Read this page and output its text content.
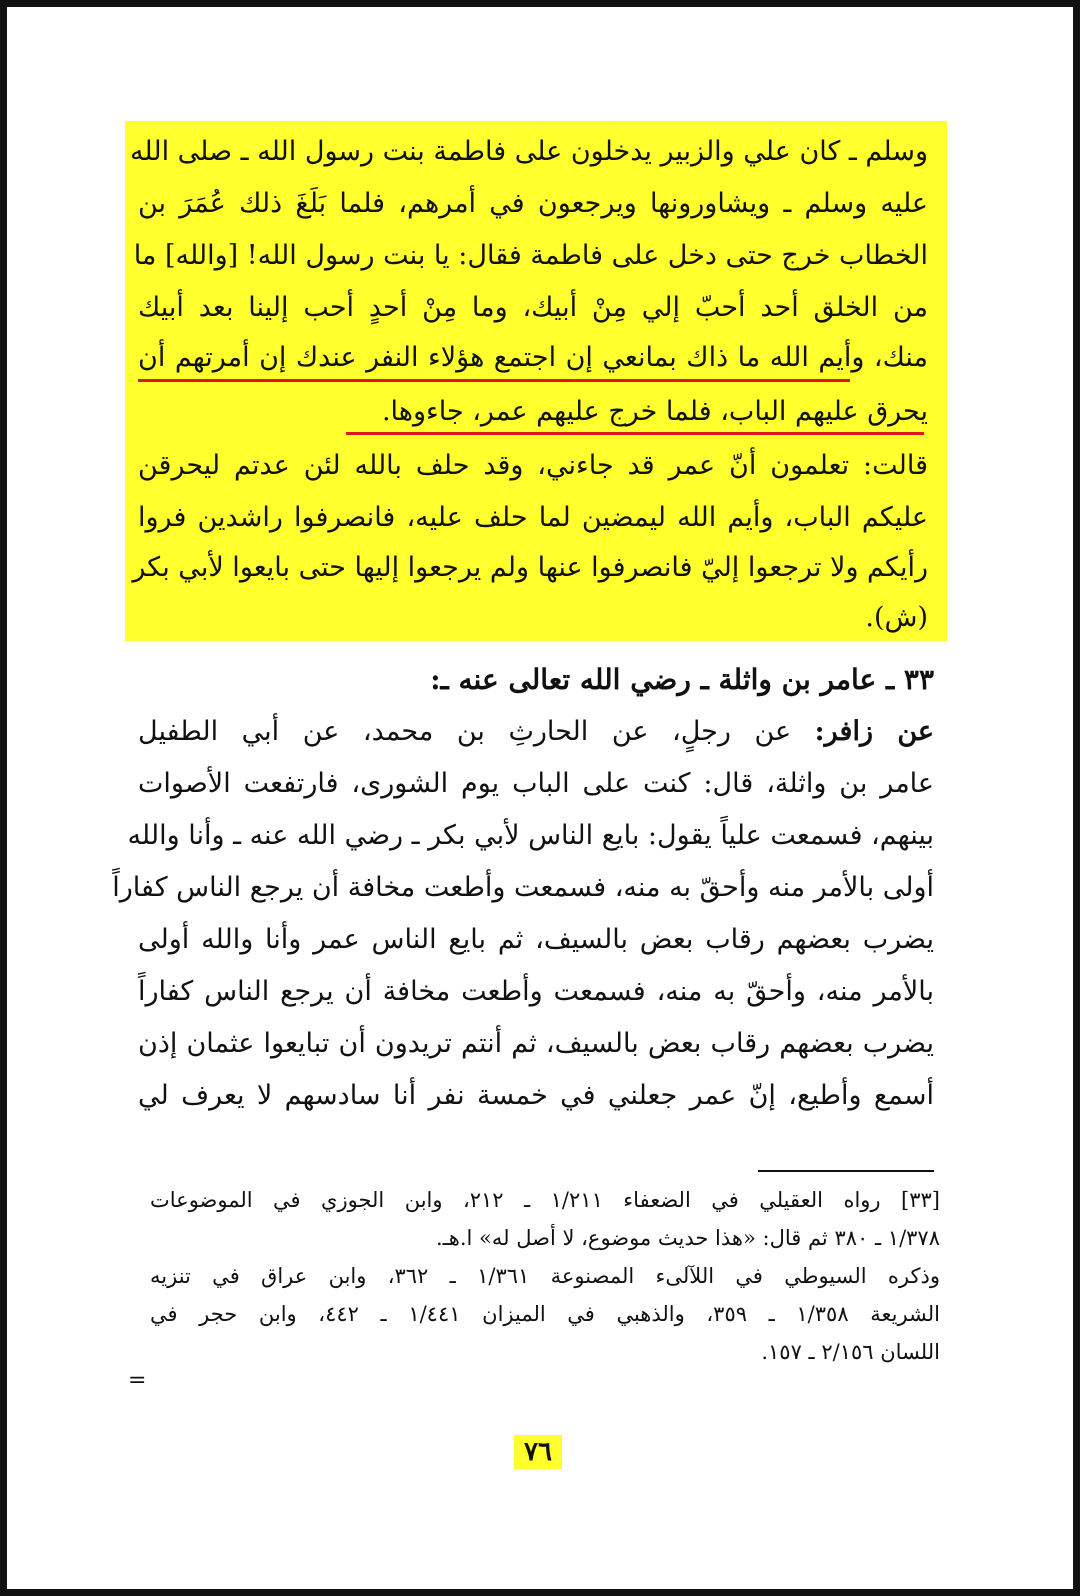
وسلم ـ كان علي والزبير يدخلون على فاطمة بنت رسول الله ـ صلى الله
عليه وسلم ـ ويشاورونها ويرجعون في أمرهم، فلما بَلَغَ ذلك عُمَرَ بن
الخطاب خرج حتى دخل على فاطمة فقال: يا بنت رسول الله! [والله] ما
من الخلق أحد أحبّ إلي مِنْ أبيك، وما مِنْ أحدٍ أحب إلينا بعد أبيك
منك، وأيم الله ما ذاك بمانعي إن اجتمع هؤلاء النفر عندك إن أمرتهم أن
يحرق عليهم الباب، فلما خرج عليهم عمر، جاءوها.
قالت: تعلمون أنّ عمر قد جاءني، وقد حلف بالله لئن عدتم ليحرقن
عليكم الباب، وأيم الله ليمضين لما حلف عليه، فانصرفوا راشدين فروا
رأيكم ولا ترجعوا إليّ فانصرفوا عنها ولم يرجعوا إليها حتى بايعوا لأبي بكر
(ش).
٣٣ ـ عامر بن واثلة ـ رضي الله تعالى عنه ـ:
عن زافر: عن رجلٍ، عن الحارثِ بن محمد، عن أبي الطفيل
عامر بن واثلة، قال: كنت على الباب يوم الشورى، فارتفعت الأصوات
بينهم، فسمعت علياً يقول: بايع الناس لأبي بكر ـ رضي الله عنه ـ وأنا والله
أولى بالأمر منه وأحقّ به منه، فسمعت وأطعت مخافة أن يرجع الناس كفاراً
يضرب بعضهم رقاب بعض بالسيف، ثم بايع الناس عمر وأنا والله أولى
بالأمر منه، وأحقّ به منه، فسمعت وأطعت مخافة أن يرجع الناس كفاراً
يضرب بعضهم رقاب بعض بالسيف، ثم أنتم تريدون أن تبايعوا عثمان إذن
أسمع وأطيع، إنّ عمر جعلني في خمسة نفر أنا سادسهم لا يعرف لي
[٣٣] رواه العقيلي في الضعفاء ١/٢١١ ـ ٢١٢، وابن الجوزي في الموضوعات
١/٣٧٨ ـ ٣٨٠ ثم قال: «هذا حديث موضوع، لا أصل له» ا.هـ.
وذكره السيوطي في اللآلىء المصنوعة ١/٣٦١ ـ ٣٦٢، وابن عراق في تنزيه
الشريعة ١/٣٥٨ ـ ٣٥٩، والذهبي في الميزان ١/٤٤١ ـ ٤٤٢، وابن حجر في
اللسان ٢/١٥٦ ـ ١٥٧.
=
٧٦
